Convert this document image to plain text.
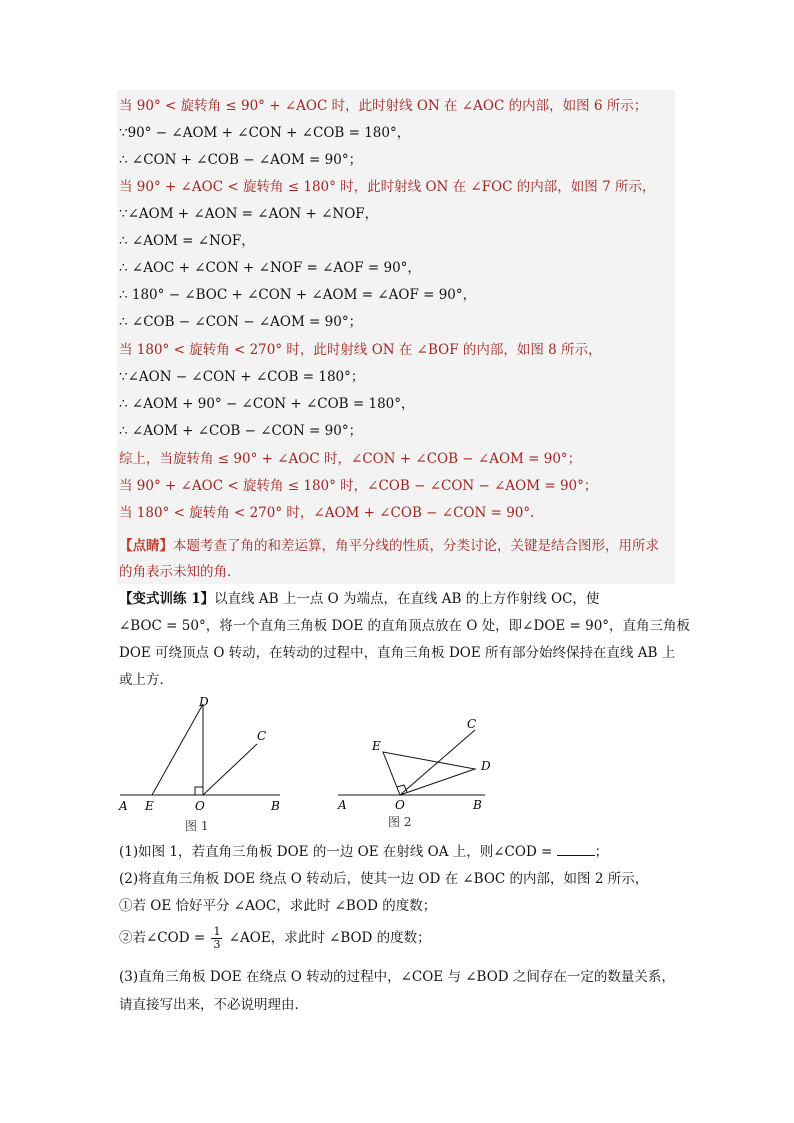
当 90° < 旋转角 ≤ 90° + ∠AOC 时，此时射线 ON 在 ∠AOC 的内部，如图 6 所示；
∵90° − ∠AOM + ∠CON + ∠COB = 180°，
∴ ∠CON + ∠COB − ∠AOM = 90°；
当 90° + ∠AOC < 旋转角 ≤ 180° 时，此时射线 ON 在 ∠FOC 的内部，如图 7 所示，
∵∠AOM + ∠AON = ∠AON + ∠NOF，
∴ ∠AOM = ∠NOF，
∴ ∠AOC + ∠CON + ∠NOF = ∠AOF = 90°，
∴ 180° − ∠BOC + ∠CON + ∠AOM = ∠AOF = 90°，
∴ ∠COB − ∠CON − ∠AOM = 90°；
当 180° < 旋转角 < 270° 时，此时射线 ON 在 ∠BOF 的内部，如图 8 所示，
∵∠AON − ∠CON + ∠COB = 180°；
∴ ∠AOM + 90° − ∠CON + ∠COB = 180°，
∴ ∠AOM + ∠COB − ∠CON = 90°；
综上，当旋转角 ≤ 90° + ∠AOC 时，∠CON + ∠COB − ∠AOM = 90°；
当 90° + ∠AOC < 旋转角 ≤ 180° 时，∠COB − ∠CON − ∠AOM = 90°；
当 180° < 旋转角 < 270° 时，∠AOM + ∠COB − ∠CON = 90°．
【点睛】本题考查了角的和差运算，角平分线的性质，分类讨论，关键是结合图形，用所求
的角表示未知的角．
【变式训练 1】以直线 AB 上一点 O 为端点，在直线 AB 的上方作射线 OC，使
∠BOC = 50°，将一个直角三角板 DOE 的直角顶点放在 O 处，即∠DOE = 90°，直角三角板
DOE 可绕顶点 O 转动，在转动的过程中，直角三角板 DOE 所有部分始终保持在直线 AB 上
或上方．
A E	O	B
D
C
图 1
A	O	B
E
C
D
图 2
(1)如图 1，若直角三角板 DOE 的一边 OE 在射线 OA 上，则∠COD =	；
(2)将直角三角板 DOE 绕点 O 转动后，使其一边 OD 在 ∠BOC 的内部，如图 2 所示，
①若 OE 恰好平分 ∠AOC，求此时 ∠BOD 的度数；
②若∠COD = $\frac{1}{3}$ ∠AOE，求此时 ∠BOD 的度数；
(3)直角三角板 DOE 在绕点 O 转动的过程中，∠COE 与 ∠BOD 之间存在一定的数量关系，
请直接写出来，不必说明理由．
